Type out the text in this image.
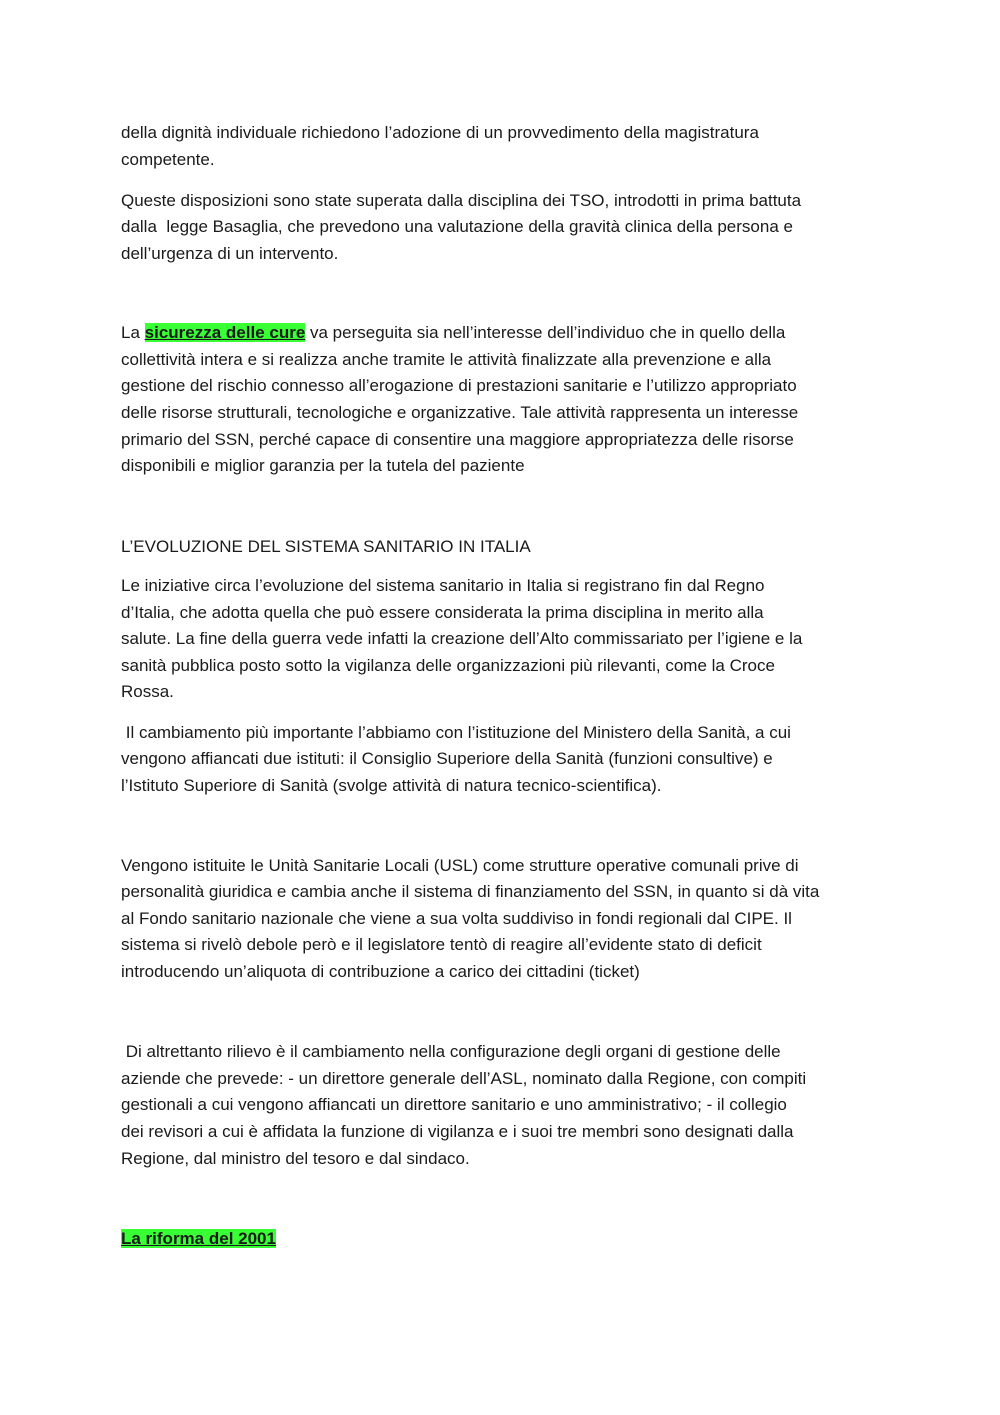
della dignità individuale richiedono l’adozione di un provvedimento della magistratura

competente.

Queste disposizioni sono state superata dalla disciplina dei TSO, introdotti in prima battuta

dalla  legge Basaglia, che prevedono una valutazione della gravità clinica della persona e

dell’urgenza di un intervento.

La sicurezza delle cure va perseguita sia nell’interesse dell’individuo che in quello della

collettività intera e si realizza anche tramite le attività finalizzate alla prevenzione e alla

gestione del rischio connesso all’erogazione di prestazioni sanitarie e l’utilizzo appropriato

delle risorse strutturali, tecnologiche e organizzative. Tale attività rappresenta un interesse

primario del SSN, perché capace di consentire una maggiore appropriatezza delle risorse

disponibili e miglior garanzia per la tutela del paziente

L’EVOLUZIONE DEL SISTEMA SANITARIO IN ITALIA

Le iniziative circa l’evoluzione del sistema sanitario in Italia si registrano fin dal Regno

d’Italia, che adotta quella che può essere considerata la prima disciplina in merito alla

salute. La fine della guerra vede infatti la creazione dell’Alto commissariato per l’igiene e la

sanità pubblica posto sotto la vigilanza delle organizzazioni più rilevanti, come la Croce

Rossa.

Il cambiamento più importante l’abbiamo con l’istituzione del Ministero della Sanità, a cui

vengono affiancati due istituti: il Consiglio Superiore della Sanità (funzioni consultive) e

l’Istituto Superiore di Sanità (svolge attività di natura tecnico-scientifica).

Vengono istituite le Unità Sanitarie Locali (USL) come strutture operative comunali prive di

personalità giuridica e cambia anche il sistema di finanziamento del SSN, in quanto si dà vita

al Fondo sanitario nazionale che viene a sua volta suddiviso in fondi regionali dal CIPE. Il

sistema si rivelò debole però e il legislatore tentò di reagire all’evidente stato di deficit

introducendo un’aliquota di contribuzione a carico dei cittadini (ticket)

Di altrettanto rilievo è il cambiamento nella configurazione degli organi di gestione delle

aziende che prevede: - un direttore generale dell’ASL, nominato dalla Regione, con compiti

gestionali a cui vengono affiancati un direttore sanitario e uno amministrativo; - il collegio

dei revisori a cui è affidata la funzione di vigilanza e i suoi tre membri sono designati dalla

Regione, dal ministro del tesoro e dal sindaco.

La riforma del 2001
